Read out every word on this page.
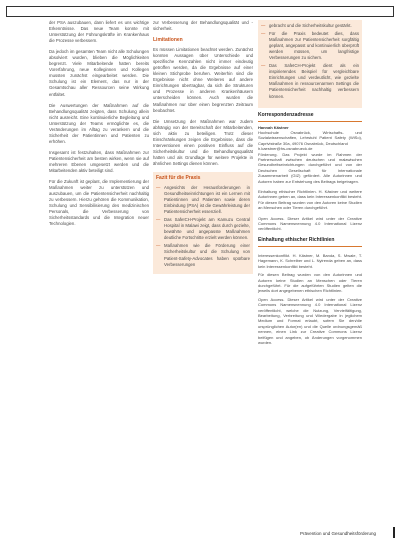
der PSA auszubauen, dann liefert es uns wichtige Erkenntnisse. Das neue Team konnte mit Unterstützung der Führungskräfte im Krankenhaus die Prozesse verbessern.

Da jedoch im gesamten Team nicht alle Schulungen absolviert wurden, blieben die Möglichkeiten begrenzt. Viele Mitarbeitende hatten bereits Vorerfahrung, neue Kolleginnen und Kollegen mussten zunächst eingearbeitet werden. Die Schulung ist ein Element, das nur in der Gesamtschau aller Ressourcen seine Wirkung entfaltet.

Die Auswertungen der Maßnahmen auf die Behandlungsqualität zeigten, dass Schulung allein nicht ausreicht. Eine kontinuierliche Begleitung und Unterstützung der Teams ermöglichte es, die Veränderungen im Alltag zu verankern und die Sicherheit der Patientinnen und Patienten zu erhöhen.

Insgesamt ist festzuhalten, dass Maßnahmen zur Patientensicherheit am besten wirken, wenn sie auf mehreren Ebenen umgesetzt werden und die Mitarbeitenden aktiv beteiligt sind.

Für die Zukunft ist geplant, die Implementierung der Maßnahmen weiter zu unterstützen und auszubauen, um die Patientensicherheit nachhaltig zu verbessern. Hierzu gehören die Kommunikation, Schulung und Sensibilisierung des medizinischen Personals, die Verbesserung von Sicherheitsstandards und die Integration neuer Technologien.

zur Verbesserung der Behandlungsqualität und -sicherheit.

Limitationen

Es müssen Limitationen beachtet werden. Zunächst konnten Aussagen über Unterschiede und spezifische Kennzahlen nicht immer eindeutig getroffen werden, da die Ergebnisse auf einer kleinen Stichprobe beruhen. Weiterhin sind die Ergebnisse nicht ohne Weiteres auf andere Einrichtungen übertragbar, da sich die Strukturen und Prozesse in anderen Krankenhäusern unterscheiden können. Auch wurden die Maßnahmen nur über einen begrenzten Zeitraum beobachtet.

Die Umsetzung der Maßnahmen war zudem abhängig von der Bereitschaft der Mitarbeitenden, sich aktiv zu beteiligen. Trotz dieser Einschränkungen zeigen die Ergebnisse, dass die Interventionen einen positiven Einfluss auf die Sicherheitskultur und die Behandlungsqualität hatten und als Grundlage für weitere Projekte in ähnlichen Settings dienen können.

Fazit für die Praxis
— Angesichts der Herausforderungen in Gesundheitseinrichtungen ist ein Lernen mit Patientinnen und Patienten sowie deren Einbindung (PSA) ist die Gewährleistung der Patientensicherheit essenziell.
— Das SafeICH-Projekt am Kamuzu Central Hospital in Malawi zeigt, dass durch gezielte, bewährte und angepasste Maßnahmen deutliche Fortschritte erzielt werden können.
— Maßnahmen wie die Förderung einer Sicherheitskultur und die Schulung von Patient-Safety-Advocates haben spürbare Verbesserungen
— gebracht und die Sicherheitskultur gestärkt.
— Für die Praxis bedeutet dies, dass Maßnahmen zur Patientensicherheit sorgfältig geplant, angepasst und kontinuierlich überprüft werden müssen, um langfristige Verbesserungen zu sichern.
— Das SafeICH-Projekt dient als ein inspirierendes Beispiel für vergleichbare Einrichtungen und verdeutlicht, wie gezielte Maßnahmen in ressourcenarmen Settings die Patientensicherheit nachhaltig verbessern können.
Korrespondenzadresse
Hannah Kästner
Hochschule Osnabrück, Wirtschafts- und Sozialwissenschaften, Lehrstuhl Patient Safety (WiSo), Caprivistraße 30a, 49076 Osnabrück, Deutschland
h.kaestner@hs-osnabrueck.de

Förderung. Das Projekt wurde im Rahmen der Partnerschaft zwischen deutschen und malawischen Gesundheitseinrichtungen durchgeführt und von der Deutschen Gesellschaft für Internationale Zusammenarbeit (GIZ) gefördert. Alle Autorinnen und Autoren haben zur Entstehung des Beitrags beigetragen.

Einhaltung ethischer Richtlinien. H. Kästner und weitere Autorinnen geben an, dass kein Interessenkonflikt besteht. Für diesen Beitrag wurden von den Autoren keine Studien an Menschen oder Tieren durchgeführt.

Open Access. Dieser Artikel wird unter der Creative Commons Namensnennung 4.0 International Lizenz veröffentlicht.

Einhaltung ethischer Richtlinien

Interessenkonflikt. H. Kästner, M. Banda, S. Mwale, T. Hagemann, K. Schreiber und L. Nyirenda geben an, dass kein Interessenkonflikt besteht.

Für diesen Beitrag wurden von den Autorinnen und Autoren keine Studien an Menschen oder Tieren durchgeführt. Für die aufgeführten Studien gelten die jeweils dort angegebenen ethischen Richtlinien.

Open Access. Dieser Artikel wird unter der Creative Commons Namensnennung 4.0 International Lizenz veröffentlicht, welche die Nutzung, Vervielfältigung, Bearbeitung, Verbreitung und Wiedergabe in jeglichem Medium und Format erlaubt, sofern Sie den/die ursprünglichen Autor(en) und die Quelle ordnungsgemäß nennen, einen Link zur Creative Commons Lizenz beifügen und angeben, ob Änderungen vorgenommen wurden.

Prävention und Gesundheitsförderung
